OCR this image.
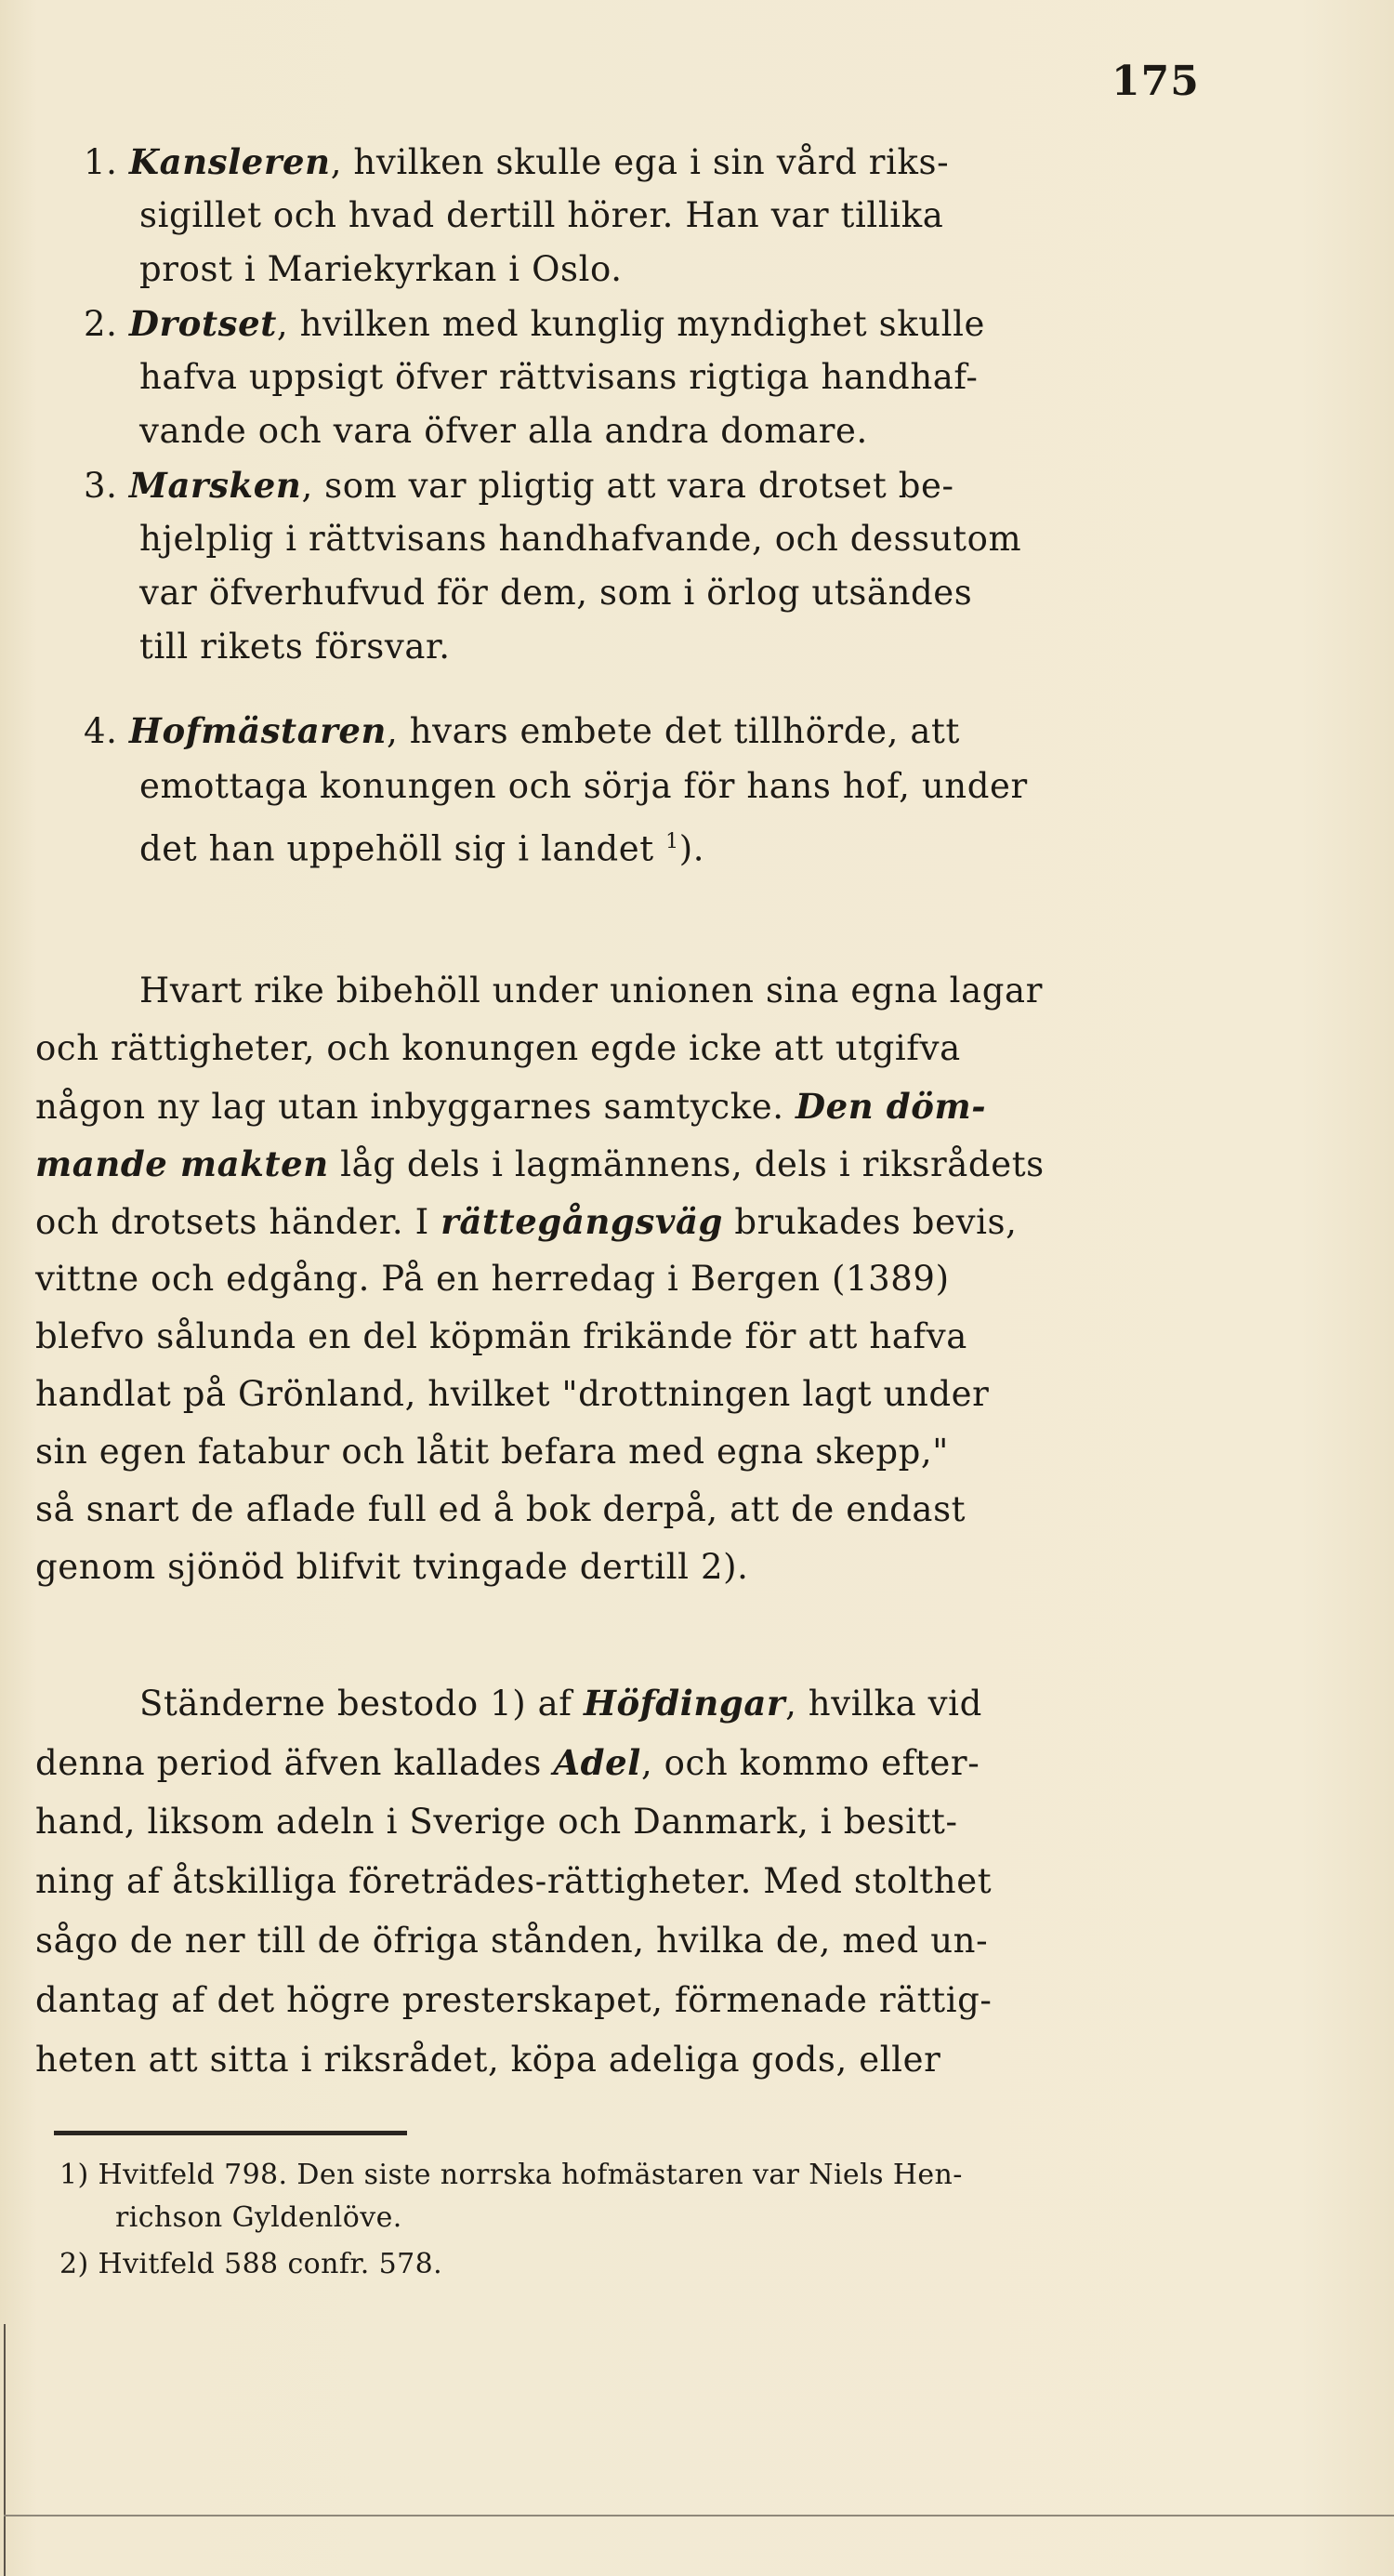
175
1. Kansleren, hvilken skulle ega i sin vård riks-
sigillet och hvad dertill hörer. Han var tillika
prost i Mariekyrkan i Oslo.
2. Drotset, hvilken med kunglig myndighet skulle
hafva uppsigt öfver rättvisans rigtiga handhaf-
vande och vara öfver alla andra domare.
3. Marsken, som var pligtig att vara drotset be-
hjelplig i rättvisans handhafvande, och dessutom
var öfverhufvud för dem, som i örlog utsändes
till rikets försvar.
4. Hofmästaren, hvars embete det tillhörde, att
emottaga konungen och sörja för hans hof, under
det han uppehöll sig i landet $^1$).
Hvart rike bibehöll under unionen sina egna lagar
och rättigheter, och konungen egde icke att utgifva
någon ny lag utan inbyggarnes samtycke. Den döm-
mande makten låg dels i lagmännens, dels i riksrådets
och drotsets händer. I rättegångsväg brukades bevis,
vittne och edgång. På en herredag i Bergen (1389)
blefvo sålunda en del köpmän frikände för att hafva
handlat på Grönland, hvilket "drottningen lagt under
sin egen fatabur och låtit befara med egna skepp,"
så snart de aflade full ed å bok derpå, att de endast
genom sjönöd blifvit tvingade dertill 2).
Ständerne bestodo 1) af Höfdingar, hvilka vid
denna period äfven kallades Adel, och kommo efter-
hand, liksom adeln i Sverige och Danmark, i besitt-
ning af åtskilliga företrädes-rättigheter. Med stolthet
sågo de ner till de öfriga stånden, hvilka de, med un-
dantag af det högre presterskapet, förmenade rättig-
heten att sitta i riksrådet, köpa adeliga gods, eller
1) Hvitfeld 798. Den siste norrska hofmästaren var Niels Hen-
richson Gyldenlöve.
2) Hvitfeld 588 confr. 578.
